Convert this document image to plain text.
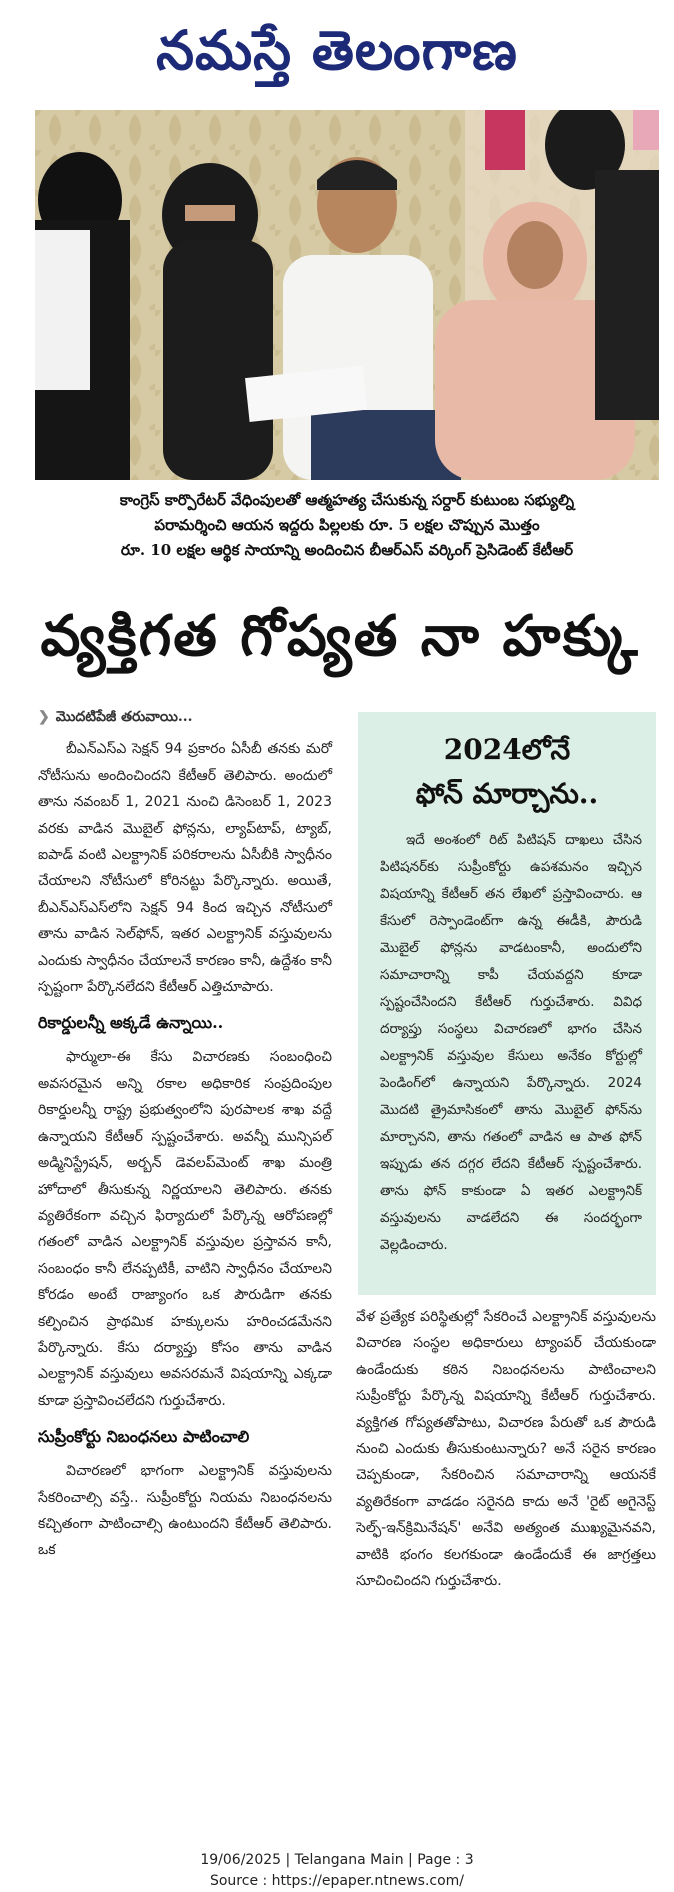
నమస్తే తెలంగాణ

కాంగ్రెస్ కార్పొరేటర్ వేధింపులతో ఆత్మహత్య చేసుకున్న సర్దార్ కుటుంబ సభ్యుల్ని

పరామర్శించి ఆయన ఇద్దరు పిల్లలకు రూ. 5 లక్షల చొప్పున మొత్తం

రూ. 10 లక్షల ఆర్థిక సాయాన్ని అందించిన బీఆర్ఎస్ వర్కింగ్ ప్రెసిడెంట్ కేటీఆర్

వ్యక్తిగత గోప్యత నా హక్కు
❯ మొదటిపేజీ తరువాయి...

బీఎన్ఎస్ఎ సెక్షన్ 94 ప్రకారం ఏసీబీ తనకు మరో నోటీసును అందించిందని కేటీఆర్ తెలిపారు. అందులో తాను నవంబర్ 1, 2021 నుంచి డిసెంబర్ 1, 2023 వరకు వాడిన మొబైల్ ఫోన్లను, ల్యాప్‌టాప్, ట్యాబ్, ఐపాడ్ వంటి ఎలక్ట్రానిక్ పరికరాలను ఏసీబీకి స్వాధీనం చేయాలని నోటీసులో కోరినట్టు పేర్కొన్నారు. అయితే, బీఎన్ఎస్ఎస్‌లోని సెక్షన్ 94 కింద ఇచ్చిన నోటీసులో తాను వాడిన సెల్‌ఫోన్, ఇతర ఎలక్ట్రానిక్ వస్తువులను ఎందుకు స్వాధీనం చేయాలనే కారణం కానీ, ఉద్దేశం కానీ స్పష్టంగా పేర్కొనలేదని కేటీఆర్ ఎత్తిచూపారు.

రికార్డులన్నీ అక్కడే ఉన్నాయి..

ఫార్ములా-ఈ కేసు విచారణకు సంబంధించి అవసరమైన అన్ని రకాల అధికారిక సంప్రదింపుల రికార్డులన్నీ రాష్ట్ర ప్రభుత్వంలోని పురపాలక శాఖ వద్దే ఉన్నాయని కేటీఆర్ స్పష్టంచేశారు. అవన్నీ మున్సిపల్ అడ్మినిస్ట్రేషన్, అర్బన్ డెవలప్‌మెంట్ శాఖ మంత్రి హోదాలో తీసుకున్న నిర్ణయాలని తెలిపారు. తనకు వ్యతిరేకంగా వచ్చిన ఫిర్యాదులో పేర్కొన్న ఆరోపణల్లో గతంలో వాడిన ఎలక్ట్రానిక్ వస్తువుల ప్రస్తావన కానీ, సంబంధం కానీ లేనప్పటికీ, వాటిని స్వాధీనం చేయాలని కోరడం అంటే రాజ్యాంగం ఒక పౌరుడిగా తనకు కల్పించిన ప్రాథమిక హక్కులను హరించడమేనని పేర్కొన్నారు. కేసు దర్యాప్తు కోసం తాను వాడిన ఎలక్ట్రానిక్ వస్తువులు అవసరమనే విషయాన్ని ఎక్కడా కూడా ప్రస్తావించలేదని గుర్తుచేశారు.

సుప్రీంకోర్టు నిబంధనలు పాటించాలి

విచారణలో భాగంగా ఎలక్ట్రానిక్ వస్తువులను సేకరించాల్సి వస్తే.. సుప్రీంకోర్టు నియమ నిబంధనలను కచ్చితంగా పాటించాల్సి ఉంటుందని కేటీఆర్ తెలిపారు. ఒక

2024లోనే
ఫోన్ మార్చాను..

ఇదే అంశంలో రిట్ పిటిషన్ దాఖలు చేసిన పిటిషనర్‌కు సుప్రీంకోర్టు ఉపశమనం ఇచ్చిన విషయాన్ని కేటీఆర్ తన లేఖలో ప్రస్తావించారు. ఆ కేసులో రెస్పాండెంట్‌గా ఉన్న ఈడీకి, పౌరుడి మొబైల్ ఫోన్లను వాడటంకానీ, అందులోని సమాచారాన్ని కాపీ చేయవద్దని కూడా స్పష్టంచేసిందని కేటీఆర్ గుర్తుచేశారు. వివిధ దర్యాప్తు సంస్థలు విచారణలో భాగం చేసిన ఎలక్ట్రానిక్ వస్తువుల కేసులు అనేకం కోర్టుల్లో పెండింగ్‌లో ఉన్నాయని పేర్కొన్నారు. 2024 మొదటి త్రైమాసికంలో తాను మొబైల్ ఫోన్‌ను మార్చానని, తాను గతంలో వాడిన ఆ పాత ఫోన్ ఇప్పుడు తన దగ్గర లేదని కేటీఆర్ స్పష్టంచేశారు. తాను ఫోన్ కాకుండా ఏ ఇతర ఎలక్ట్రానిక్ వస్తువులను వాడలేదని ఈ సందర్భంగా వెల్లడించారు.

వేళ ప్రత్యేక పరిస్థితుల్లో సేకరించే ఎలక్ట్రానిక్ వస్తువులను విచారణ సంస్థల అధికారులు ట్యాంపర్ చేయకుండా ఉండేందుకు కఠిన నిబంధనలను పాటించాలని సుప్రీంకోర్టు పేర్కొన్న విషయాన్ని కేటీఆర్ గుర్తుచేశారు. వ్యక్తిగత గోప్యతతోపాటు, విచారణ పేరుతో ఒక పౌరుడి నుంచి ఎందుకు తీసుకుంటున్నారు? అనే సరైన కారణం చెప్పకుండా, సేకరించిన సమాచారాన్ని ఆయనకే వ్యతిరేకంగా వాడడం సరైనది కాదు అనే 'రైట్ అగైనెస్ట్ సెల్ఫ్-ఇన్‌క్రిమినేషన్' అనేవి అత్యంత ముఖ్యమైనవని, వాటికి భంగం కలగకుండా ఉండేందుకే ఈ జాగ్రత్తలు సూచించిందని గుర్తుచేశారు.

19/06/2025 | Telangana Main | Page : 3
Source : https://epaper.ntnews.com/
